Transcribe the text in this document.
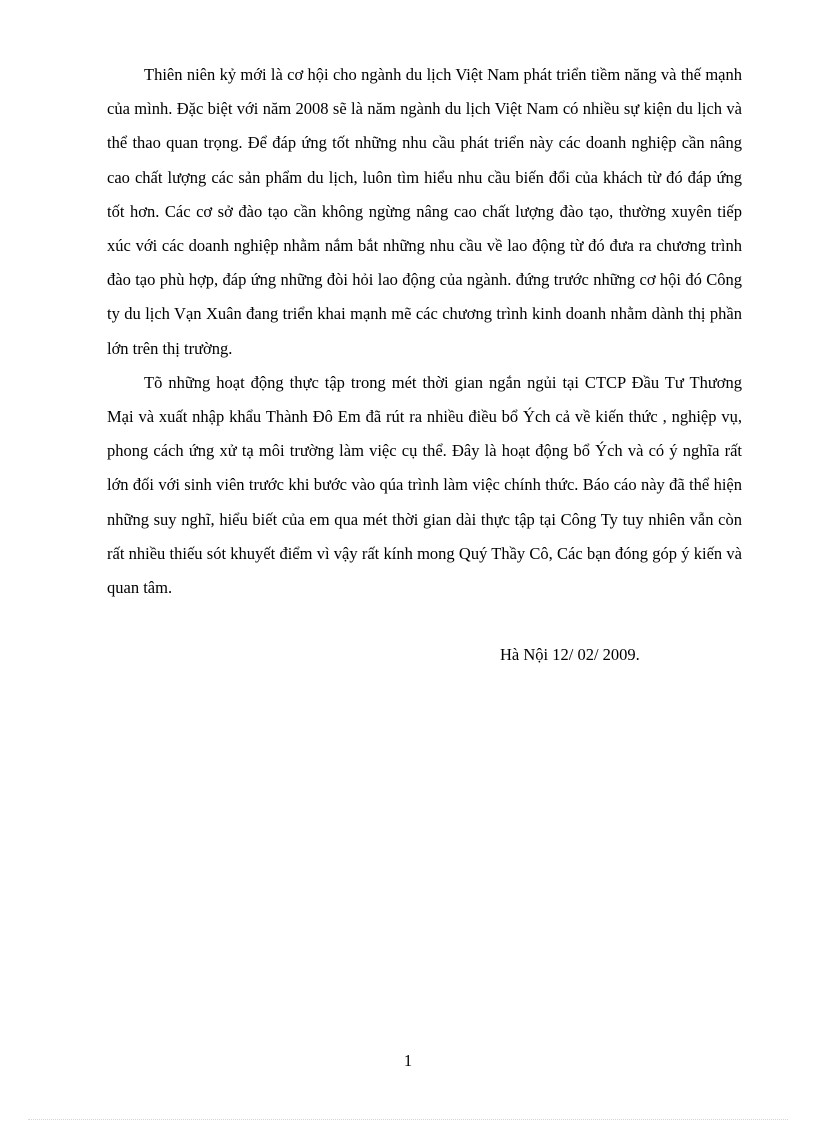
Thiên niên kỷ mới là cơ hội cho ngành du lịch Việt Nam phát triển tiềm năng và thế mạnh của mình. Đặc biệt với năm 2008 sẽ là năm ngành du lịch Việt Nam có nhiều sự kiện du lịch và thể thao quan trọng. Để đáp ứng tốt những nhu cầu phát triển này các doanh nghiệp cần nâng cao chất lượng các sản phẩm du lịch, luôn tìm hiểu nhu cầu biến đổi của khách từ đó đáp ứng tốt hơn. Các cơ sở đào tạo cần không ngừng nâng cao chất lượng đào tạo, thường xuyên tiếp xúc với các doanh nghiệp nhằm nắm bắt những nhu cầu về lao động từ đó đưa ra chương trình đào tạo phù hợp, đáp ứng những đòi hỏi lao động của ngành. đứng trước những cơ hội đó Công ty du lịch Vạn Xuân đang triển khai mạnh mẽ các chương trình kinh doanh nhằm dành thị phần lớn trên thị trường.

Tõ những hoạt động thực tập trong mét thời gian ngắn ngủi tại CTCP Đầu Tư Thương Mại và xuất nhập khẩu Thành Đô Em đã rút ra nhiều điều bổ Ých cả về kiến thức , nghiệp vụ, phong cách ứng xử tạ môi trường làm việc cụ thể. Đây là hoạt động bổ Ých và có ý nghĩa rất lớn đối với sinh viên trước khi bước vào qúa trình làm việc chính thức. Báo cáo này đã thể hiện những suy nghĩ, hiểu biết của em qua mét thời gian dài thực tập tại Công Ty tuy nhiên vẫn còn rất nhiều thiếu sót khuyết điểm vì vậy rất kính mong Quý Thầy Cô, Các bạn đóng góp ý kiến và quan tâm.

Hà Nội 12/ 02/ 2009.
1
